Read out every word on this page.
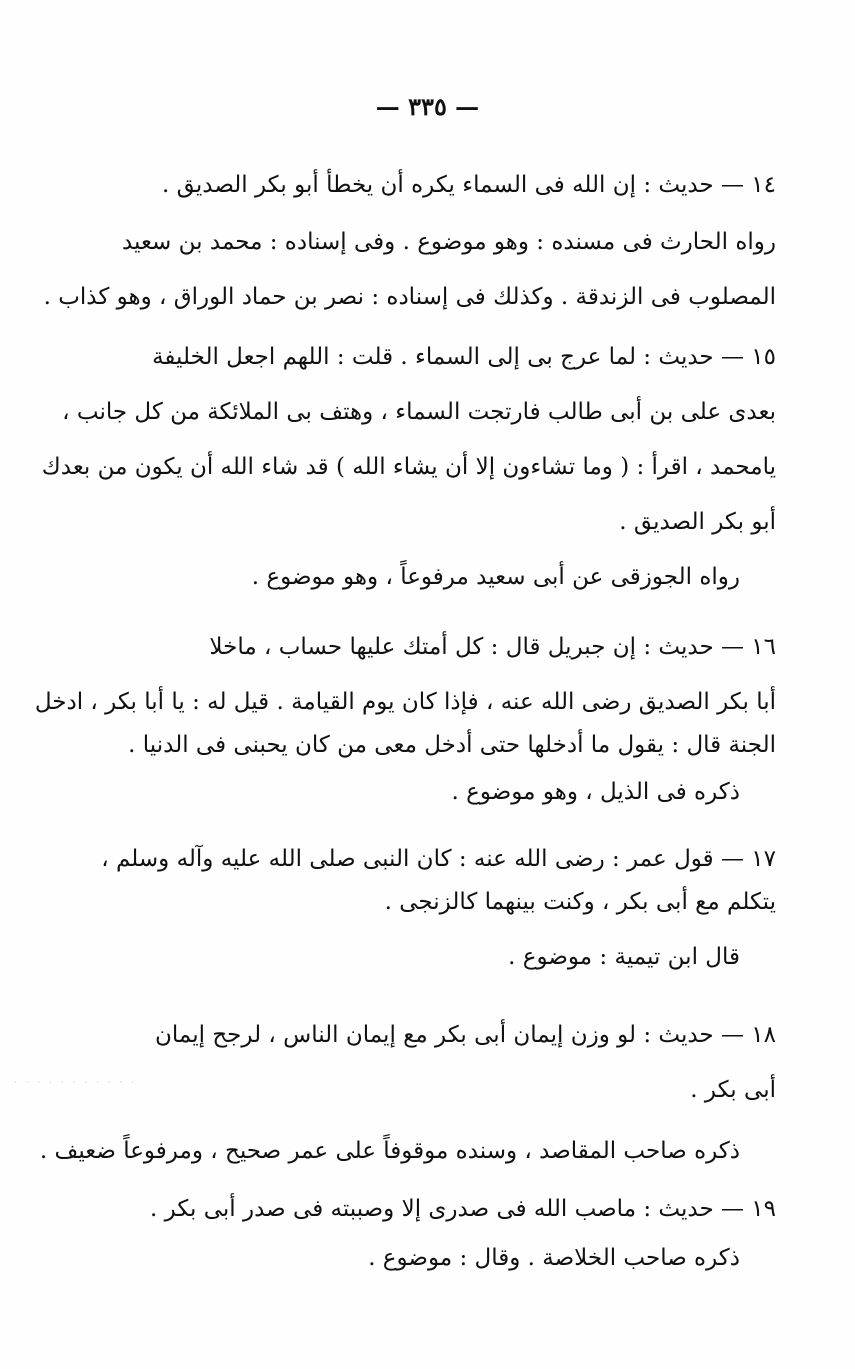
— ٣٣٥ —
١٤ — حديث : إن الله فى السماء يكره أن يخطأ أبو بكر الصديق .
رواه الحارث فى مسنده : وهو موضوع . وفى إسناده : محمد بن سعيد
المصلوب فى الزندقة . وكذلك فى إسناده : نصر بن حماد الوراق ، وهو كذاب .
١٥ — حديث : لما عرج بى إلى السماء . قلت : اللهم اجعل الخليفة
بعدى على بن أبى طالب فارتجت السماء ، وهتف بى الملائكة من كل جانب ،
يامحمد ، اقرأ : ( وما تشاءون إلا أن يشاء الله ) قد شاء الله أن يكون من بعدك
أبو بكر الصديق .
رواه الجوزقى عن أبى سعيد مرفوعاً ، وهو موضوع .
١٦ — حديث : إن جبريل قال : كل أمتك عليها حساب ، ماخلا
أبا بكر الصديق رضى الله عنه ، فإذا كان يوم القيامة . قيل له : يا أبا بكر ، ادخل
الجنة قال : يقول ما أدخلها حتى أدخل معى من كان يحبنى فى الدنيا .
ذكره فى الذيل ، وهو موضوع .
١٧ — قول عمر : رضى الله عنه : كان النبى صلى الله عليه وآله وسلم ،
يتكلم مع أبى بكر ، وكنت بينهما كالزنجى .
قال ابن تيمية : موضوع .
١٨ — حديث : لو وزن إيمان أبى بكر مع إيمان الناس ، لرجح إيمان
أبى بكر .
ذكره صاحب المقاصد ، وسنده موقوفاً على عمر صحيح ، ومرفوعاً ضعيف .
١٩ — حديث : ماصب الله فى صدرى إلا وصببته فى صدر أبى بكر .
ذكره صاحب الخلاصة . وقال : موضوع .
· · · · · · · · · · ·
